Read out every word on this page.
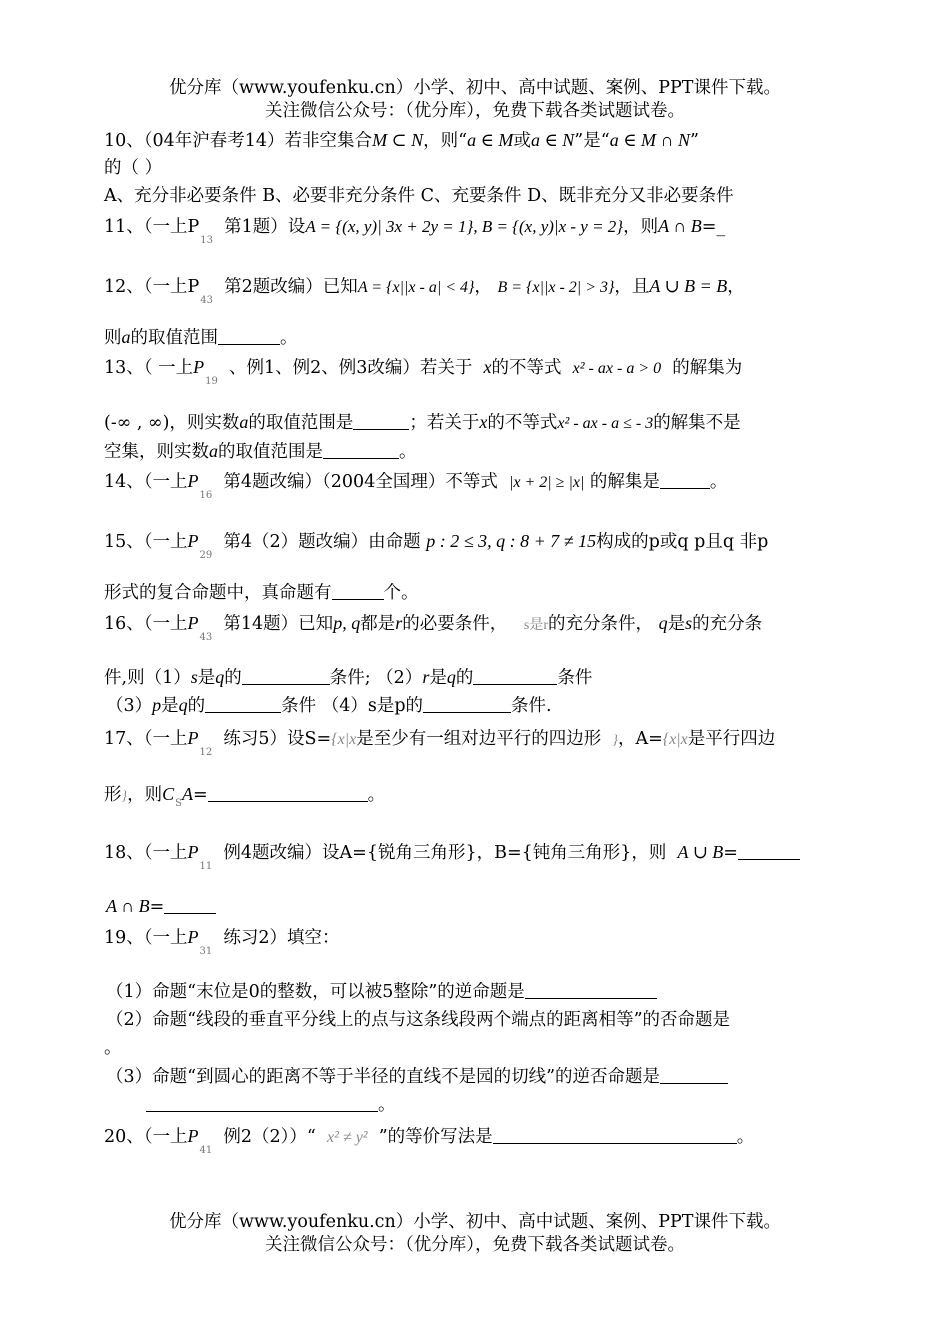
优分库（www.youfenku.cn）小学、初中、高中试题、案例、PPT课件下载。
关注微信公众号：（优分库），免费下载各类试题试卷。
10、（04年沪春考14）若非空集合M ⊂ N，则“a ∈ M或a ∈ N”是“a ∈ M ∩ N”
的（ ）
A、充分非必要条件 B、必要非充分条件 C、充要条件 D、既非充分又非必要条件
11、（一上$P_{13}$  第1题）设A = {(x, y)| 3x + 2y = 1}, B = {(x, y)|x - y = 2}，则A ∩ B=_
12、（一上$P_{43}$  第2题改编）已知A = {x||x - a| < 4}， B = {x||x - 2| > 3}，且A ∪ B = B，
则a的取值范围	。
13、（ 一上$P_{19}$  、例1、例2、例3改编）若关于 x的不等式 x² - ax - a > 0 的解集为
(-∞ , ∞)，则实数a的取值范围是	；若关于x的不等式x² - ax - a ≤ - 3的解集不是
空集，则实数a的取值范围是	。
14、（一上$P_{16}$  第4题改编）（2004全国理）不等式 |x + 2| ≥ |x| 的解集是	。
15、（一上$P_{29}$  第4（2）题改编）由命题 p : 2 ≤ 3, q : 8 + 7 ≠ 15构成的p或q p且q 非p
形式的复合命题中，真命题有	个。
16、（一上$P_{43}$  第14题）已知p, q都是r的必要条件， s是r的充分条件， q是s的充分条
件,则（1）s是q的	条件; （2）r是q的	条件
（3）p是q的	条件 （4）s是p的	条件.
17、（一上$P_{12}$  练习5）设S={x|x是至少有一组对边平行的四边形 }，A={x|x是平行四边
形}，则$C_SA=$	。
18、（一上$P_{11}$  例4题改编）设A={锐角三角形}，B={钝角三角形}，则 A ∪ B=
A ∩ B=
19、（一上$P_{31}$  练习2）填空：
（1）命题“末位是0的整数，可以被5整除”的逆命题是
（2）命题“线段的垂直平分线上的点与这条线段两个端点的距离相等”的否命题是
。
（3）命题“到圆心的距离不等于半径的直线不是园的切线”的逆否命题是
。
20、（一上$P_{41}$  例2（2））“ x² ≠ y² ”的等价写法是	。
优分库（www.youfenku.cn）小学、初中、高中试题、案例、PPT课件下载。
关注微信公众号：（优分库），免费下载各类试题试卷。
